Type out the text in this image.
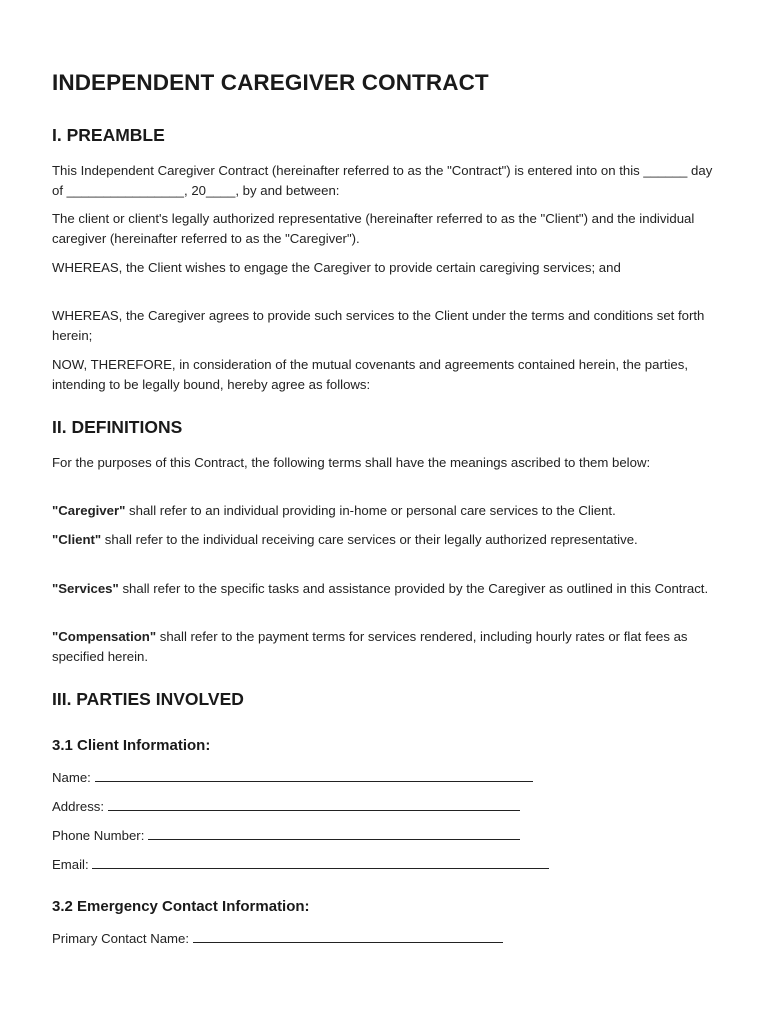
INDEPENDENT CAREGIVER CONTRACT
I. PREAMBLE

This Independent Caregiver Contract (hereinafter referred to as the "Contract") is entered into on this ______ day of ________________, 20____, by and between:

The client or client's legally authorized representative (hereinafter referred to as the "Client") and the individual caregiver (hereinafter referred to as the "Caregiver").

WHEREAS, the Client wishes to engage the Caregiver to provide certain caregiving services; and

WHEREAS, the Caregiver agrees to provide such services to the Client under the terms and conditions set forth herein;

NOW, THEREFORE, in consideration of the mutual covenants and agreements contained herein, the parties, intending to be legally bound, hereby agree as follows:

II. DEFINITIONS

For the purposes of this Contract, the following terms shall have the meanings ascribed to them below:

"Caregiver" shall refer to an individual providing in-home or personal care services to the Client.

"Client" shall refer to the individual receiving care services or their legally authorized representative.

"Services" shall refer to the specific tasks and assistance provided by the Caregiver as outlined in this Contract.

"Compensation" shall refer to the payment terms for services rendered, including hourly rates or flat fees as specified herein.

III. PARTIES INVOLVED
3.1 Client Information:

Name:

Address:

Phone Number:

Email:

3.2 Emergency Contact Information:

Primary Contact Name:
